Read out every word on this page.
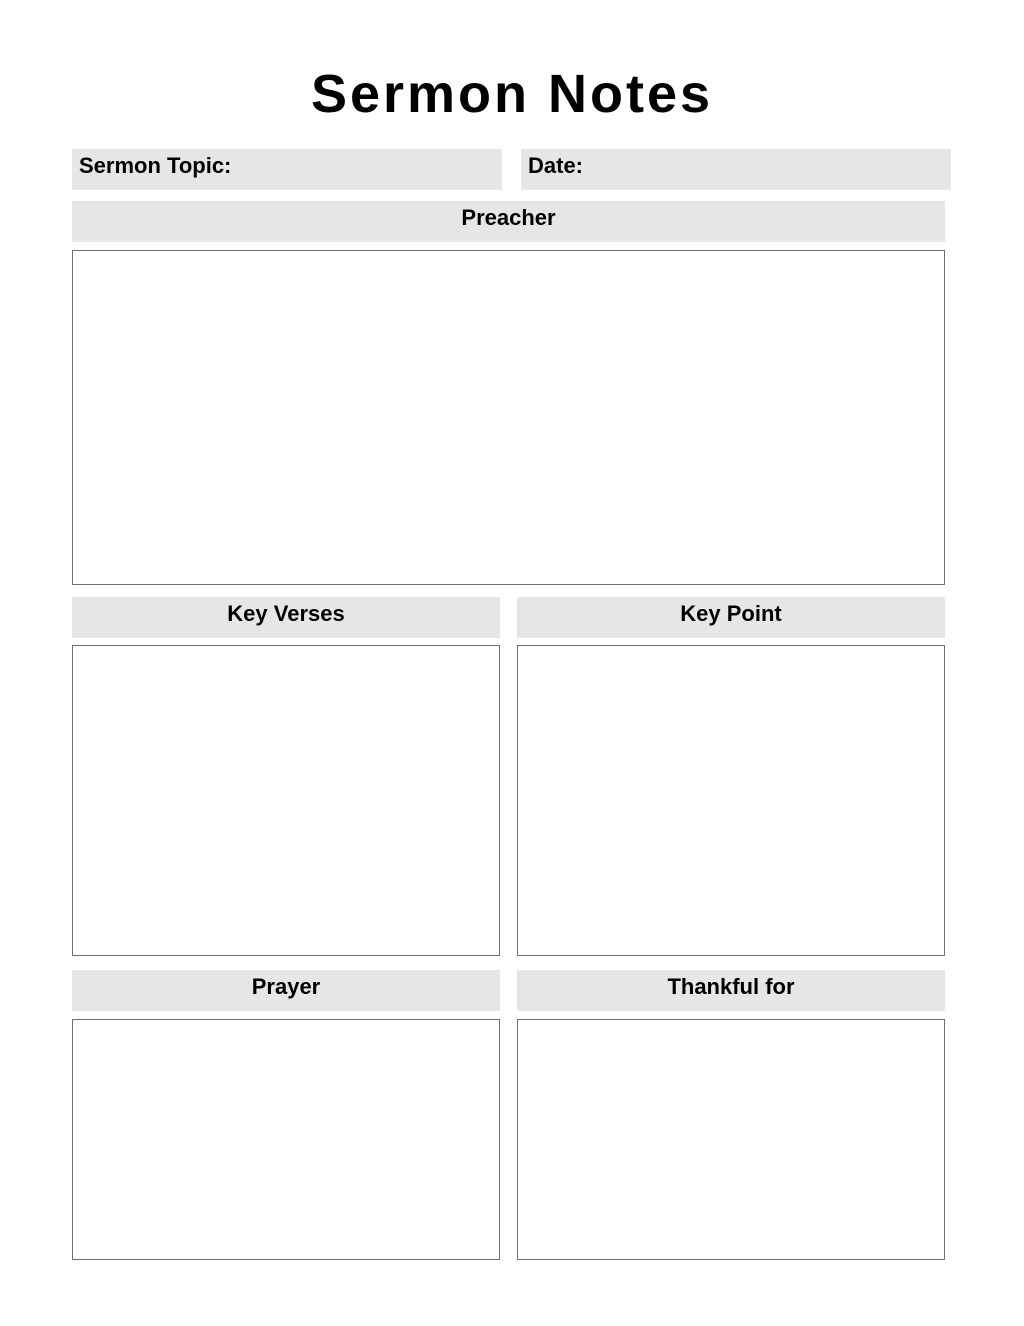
Sermon Notes
Sermon Topic:	Date:
Preacher
Key Verses	Key Point
Prayer	Thankful for
